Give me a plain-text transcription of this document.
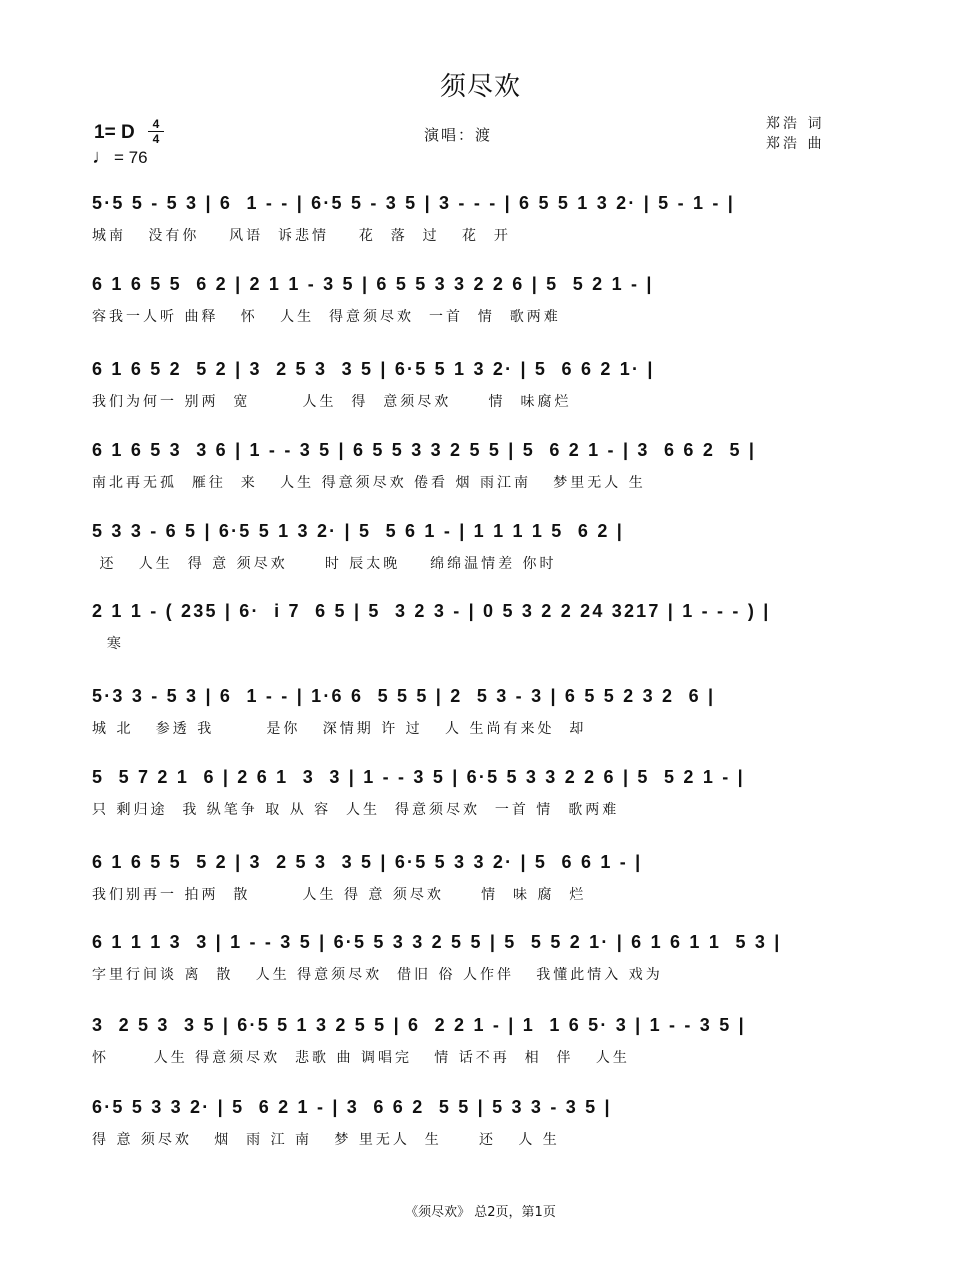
须尽欢
1= D	4
4
♩ = 76
演唱：渡
郑浩 词
郑浩 曲
5·5 5 - 5 3 | 6  1 - - | 6·5 5 - 3 5 | 3 - - - | 6 5 5 1 3 2· | 5 - 1 - |
城南   没有你    风语  诉悲情    花  落  过   花  开
6 1 6 5 5  6 2 | 2 1 1 - 3 5 | 6 5 5 3 3 2 2 6 | 5  5 2 1 - |
容我一人听 曲释   怀   人生  得意须尽欢  一首  情  歌两难
6 1 6 5 2  5 2 | 3  2 5 3  3 5 | 6·5 5 1 3 2· | 5  6 6 2 1· |
我们为何一 别两  宽       人生  得  意须尽欢     情  味腐烂
6 1 6 5 3  3 6 | 1 - - 3 5 | 6 5 5 3 3 2 5 5 | 5  6 2 1 - | 3  6 6 2  5 |
南北再无孤  雁往  来   人生 得意须尽欢 倦看 烟 雨江南   梦里无人 生
5 3 3 - 6 5 | 6·5 5 1 3 2· | 5  5 6 1 - | 1 1 1 1 5  6 2 |
还   人生  得 意 须尽欢     时 辰太晚    绵绵温情差 你时
2 1 1 - ( 235 | 6·  i 7  6 5 | 5  3 2 3 - | 0 5 3 2 2 24 3217 | 1 - - - ) |
寒
5·3 3 - 5 3 | 6  1 - - | 1·6 6  5 5 5 | 2  5 3 - 3 | 6 5 5 2 3 2  6 |
城 北   参透 我       是你   深情期 许 过   人 生尚有来处  却
5  5 7 2 1  6 | 2 6 1  3  3 | 1 - - 3 5 | 6·5 5 3 3 2 2 6 | 5  5 2 1 - |
只 剩归途  我 纵笔争 取 从 容  人生  得意须尽欢  一首 情  歌两难
6 1 6 5 5  5 2 | 3  2 5 3  3 5 | 6·5 5 3 3 2· | 5  6 6 1 - |
我们别再一 拍两  散       人生 得 意 须尽欢     情  味 腐  烂
6 1 1 1 3  3 | 1 - - 3 5 | 6·5 5 3 3 2 5 5 | 5  5 5 2 1· | 6 1 6 1 1  5 3 |
字里行间谈 离  散   人生 得意须尽欢  借旧 俗 人作伴   我懂此情入 戏为
3  2 5 3  3 5 | 6·5 5 1 3 2 5 5 | 6  2 2 1 - | 1  1 6 5· 3 | 1 - - 3 5 |
怀      人生 得意须尽欢  悲歌 曲 调唱完   情 话不再  相  伴   人生
6·5 5 3 3 2· | 5  6 2 1 - | 3  6 6 2  5 5 | 5 3 3 - 3 5 |
得 意 须尽欢   烟  雨 江 南   梦 里无人  生     还   人 生
《须尽欢》 总2页，第1页
